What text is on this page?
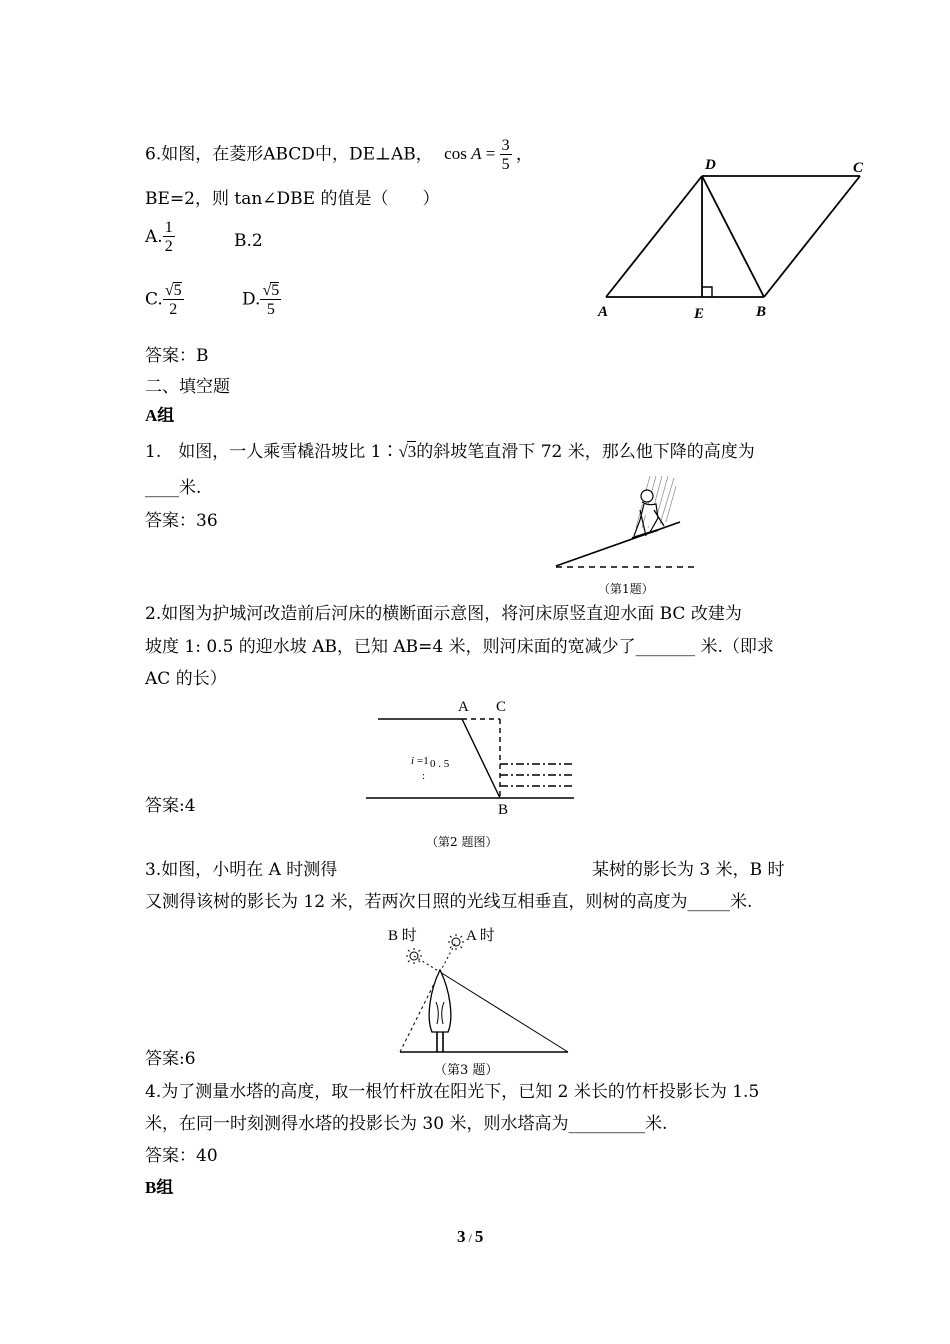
6.如图，在菱形ABCD中，DE⊥AB， $\cos A = \frac{3}{5}$ ，
BE=2，则 tan∠DBE 的值是（　　）
A. $\frac{1}{2}$	B.2
C. $\frac{√5}{2}$	D. $\frac{√5}{5}$
答案：B
D	C
A	E	B
二、填空题
A组
1.　如图，一人乘雪橇沿坡比 1∶√3的斜坡笔直滑下 72 米，那么他下降的高度为
____米.
答案：36
（第1题）
2.如图为护城河改造前后河床的横断面示意图，将河床原竖直迎水面 BC 改建为
坡度 1: 0.5 的迎水坡 AB，已知 AB=4 米，则河床面的宽减少了_______ 米.（即求
AC 的长）
A C
B
i =1
:
0 . 5
答案:4
（第2 题图）
3.如图，小明在 A 时测得	某树的影长为 3 米，B 时
又测得该树的影长为 12 米，若两次日照的光线互相垂直，则树的高度为_____米.
B 时	A 时
答案:6
（第3 题）
4.为了测量水塔的高度，取一根竹杆放在阳光下，已知 2 米长的竹杆投影长为 1.5
米，在同一时刻测得水塔的投影长为 30 米，则水塔高为_________米.
答案：40
B组
3 / 5
